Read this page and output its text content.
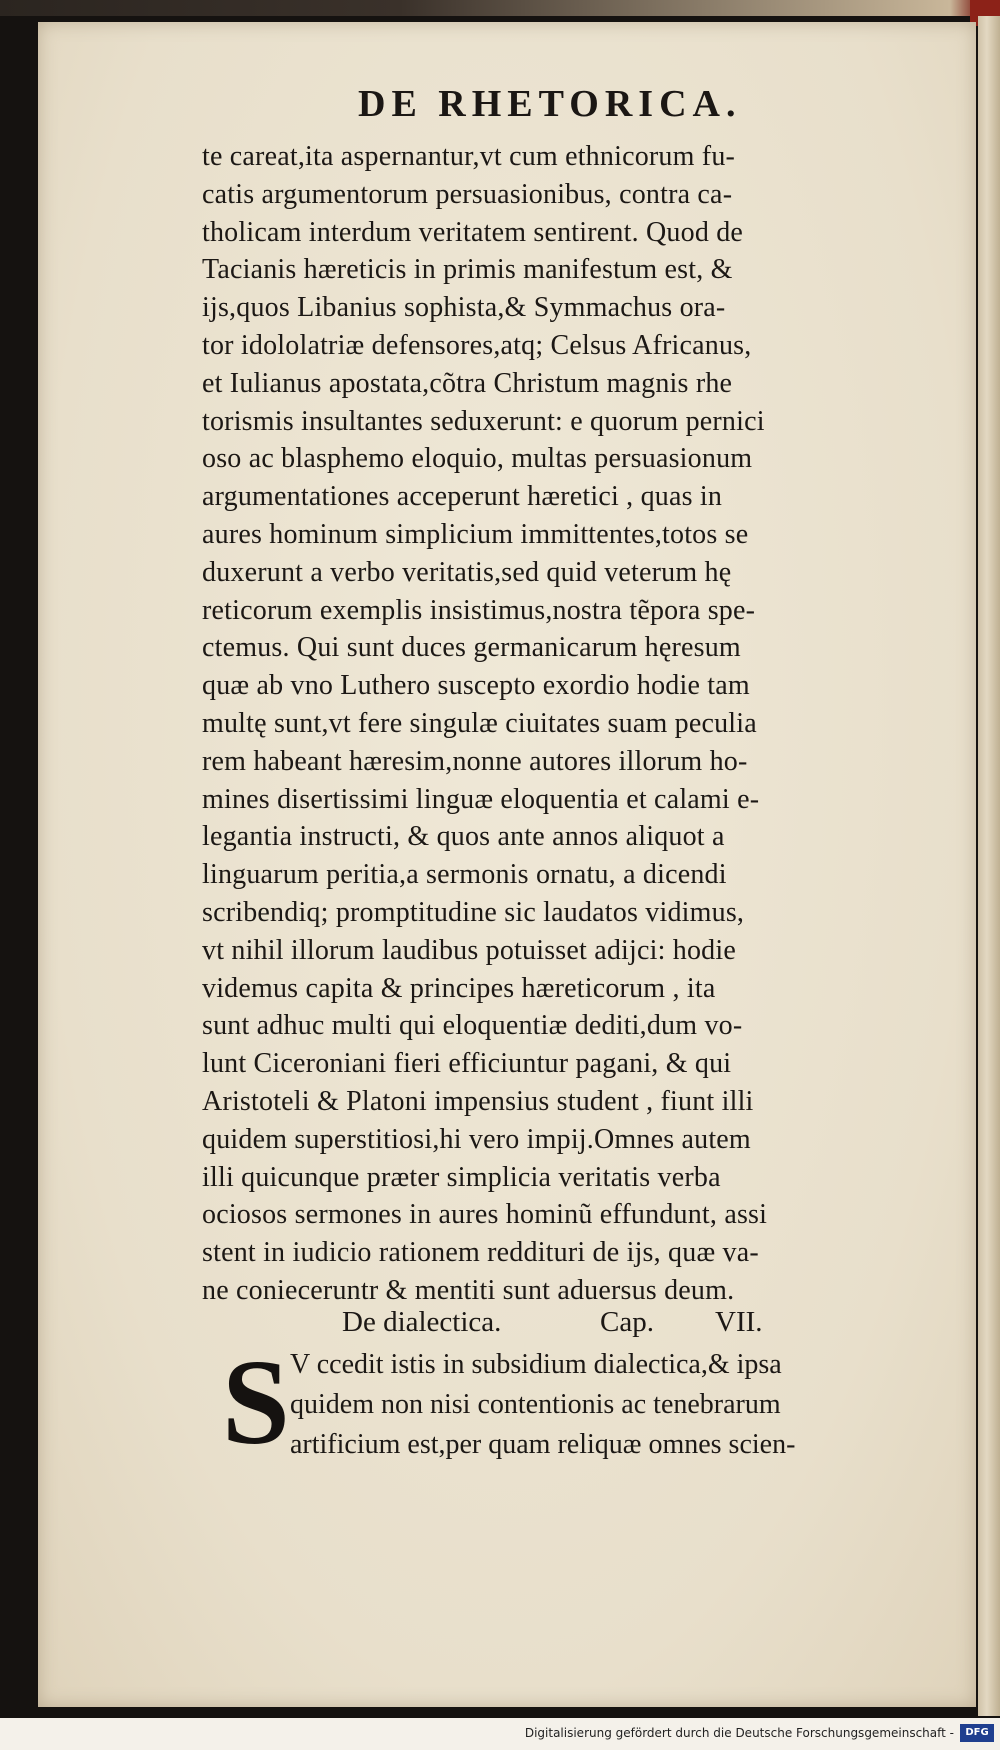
DE RHETORICA.
te careat,ita aspernantur,vt cum ethnicorum fu-
catis argumentorum persuasionibus, contra ca-
tholicam interdum veritatem sentirent. Quod de
Tacianis hæreticis in primis manifestum est, &
ijs,quos Libanius sophista,& Symmachus ora-
tor idololatriæ defensores,atq; Celsus Africanus,
et Iulianus apostata,cõtra Christum magnis rhe
torismis insultantes seduxerunt: e quorum pernici
oso ac blasphemo eloquio, multas persuasionum
argumentationes acceperunt hæretici , quas in
aures hominum simplicium immittentes,totos se
duxerunt a verbo veritatis,sed quid veterum hę
reticorum exemplis insistimus,nostra tẽpora spe-
ctemus. Qui sunt duces germanicarum hęresum
quæ ab vno Luthero suscepto exordio hodie tam
multę sunt,vt fere singulæ ciuitates suam peculia
rem habeant hæresim,nonne autores illorum ho-
mines disertissimi linguæ eloquentia et calami e-
legantia instructi, & quos ante annos aliquot a
linguarum peritia,a sermonis ornatu, a dicendi
scribendiq; promptitudine sic laudatos vidimus,
vt nihil illorum laudibus potuisset adijci: hodie
videmus capita & principes hæreticorum , ita
sunt adhuc multi qui eloquentiæ dediti,dum vo-
lunt Ciceroniani fieri efficiuntur pagani, & qui
Aristoteli & Platoni impensius student , fiunt illi
quidem superstitiosi,hi vero impij.Omnes autem
illi quicunque præter simplicia veritatis verba
ociosos sermones in aures hominũ effundunt, assi
stent in iudicio rationem reddituri de ijs, quæ va-
ne conieceruntr & mentiti sunt aduersus deum.
De dialectica.	Cap. VII.
S V ccedit istis in subsidium dialectica,& ipsa
quidem non nisi contentionis ac tenebrarum
artificium est,per quam reliquæ omnes scien-
Digitalisierung gefördert durch die Deutsche Forschungsgemeinschaft -	DFG
